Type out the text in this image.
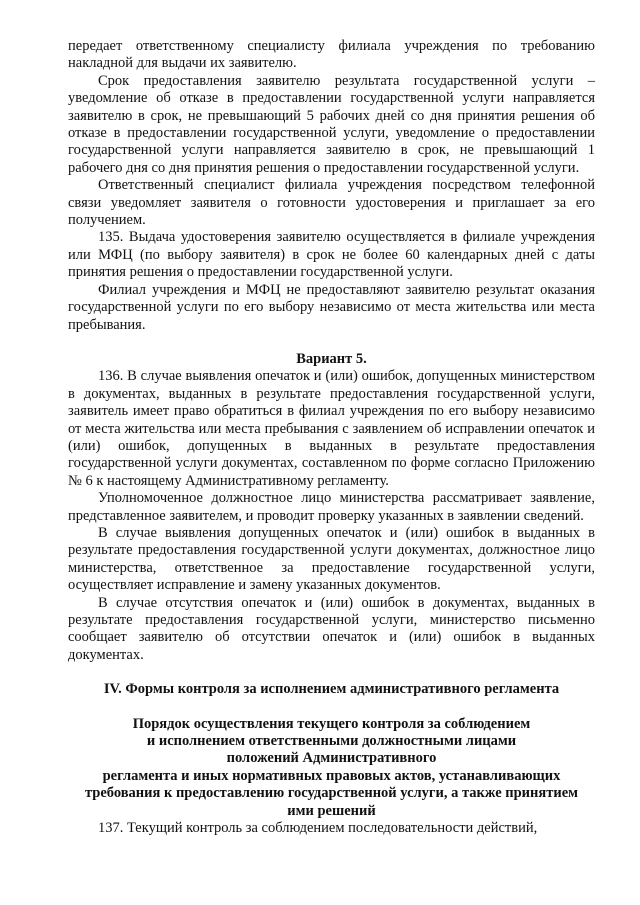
передает ответственному специалисту филиала учреждения по требованию накладной для выдачи их заявителю.

Срок предоставления заявителю результата государственной услуги – уведомление об отказе в предоставлении государственной услуги направляется заявителю в срок, не превышающий 5 рабочих дней со дня принятия решения об отказе в предоставлении государственной услуги, уведомление о предоставлении государственной услуги направляется заявителю в срок, не превышающий 1 рабочего дня со дня принятия решения о предоставлении государственной услуги.

Ответственный специалист филиала учреждения посредством телефонной связи уведомляет заявителя о готовности удостоверения и приглашает за его получением.

135. Выдача удостоверения заявителю осуществляется в филиале учреждения или МФЦ (по выбору заявителя) в срок не более 60 календарных дней с даты принятия решения о предоставлении государственной услуги.

Филиал учреждения и МФЦ не предоставляют заявителю результат оказания государственной услуги по его выбору независимо от места жительства или места пребывания.

Вариант 5.

136. В случае выявления опечаток и (или) ошибок, допущенных министерством в документах, выданных в результате предоставления государственной услуги, заявитель имеет право обратиться в филиал учреждения по его выбору независимо от места жительства или места пребывания с заявлением об исправлении опечаток и (или) ошибок, допущенных в выданных в результате предоставления государственной услуги документах, составленном по форме согласно Приложению № 6 к настоящему Административному регламенту.

Уполномоченное должностное лицо министерства рассматривает заявление, представленное заявителем, и проводит проверку указанных в заявлении сведений.

В случае выявления допущенных опечаток и (или) ошибок в выданных в результате предоставления государственной услуги документах, должностное лицо министерства, ответственное за предоставление государственной услуги, осуществляет исправление и замену указанных документов.

В случае отсутствия опечаток и (или) ошибок в документах, выданных в результате предоставления государственной услуги, министерство письменно сообщает заявителю об отсутствии опечаток и (или) ошибок в выданных документах.

IV. Формы контроля за исполнением административного регламента

Порядок осуществления текущего контроля за соблюдением

и исполнением ответственными должностными лицами

положений Административного

регламента и иных нормативных правовых актов, устанавливающих

требования к предоставлению государственной услуги, а также принятием

ими решений

137. Текущий контроль за соблюдением последовательности действий,
